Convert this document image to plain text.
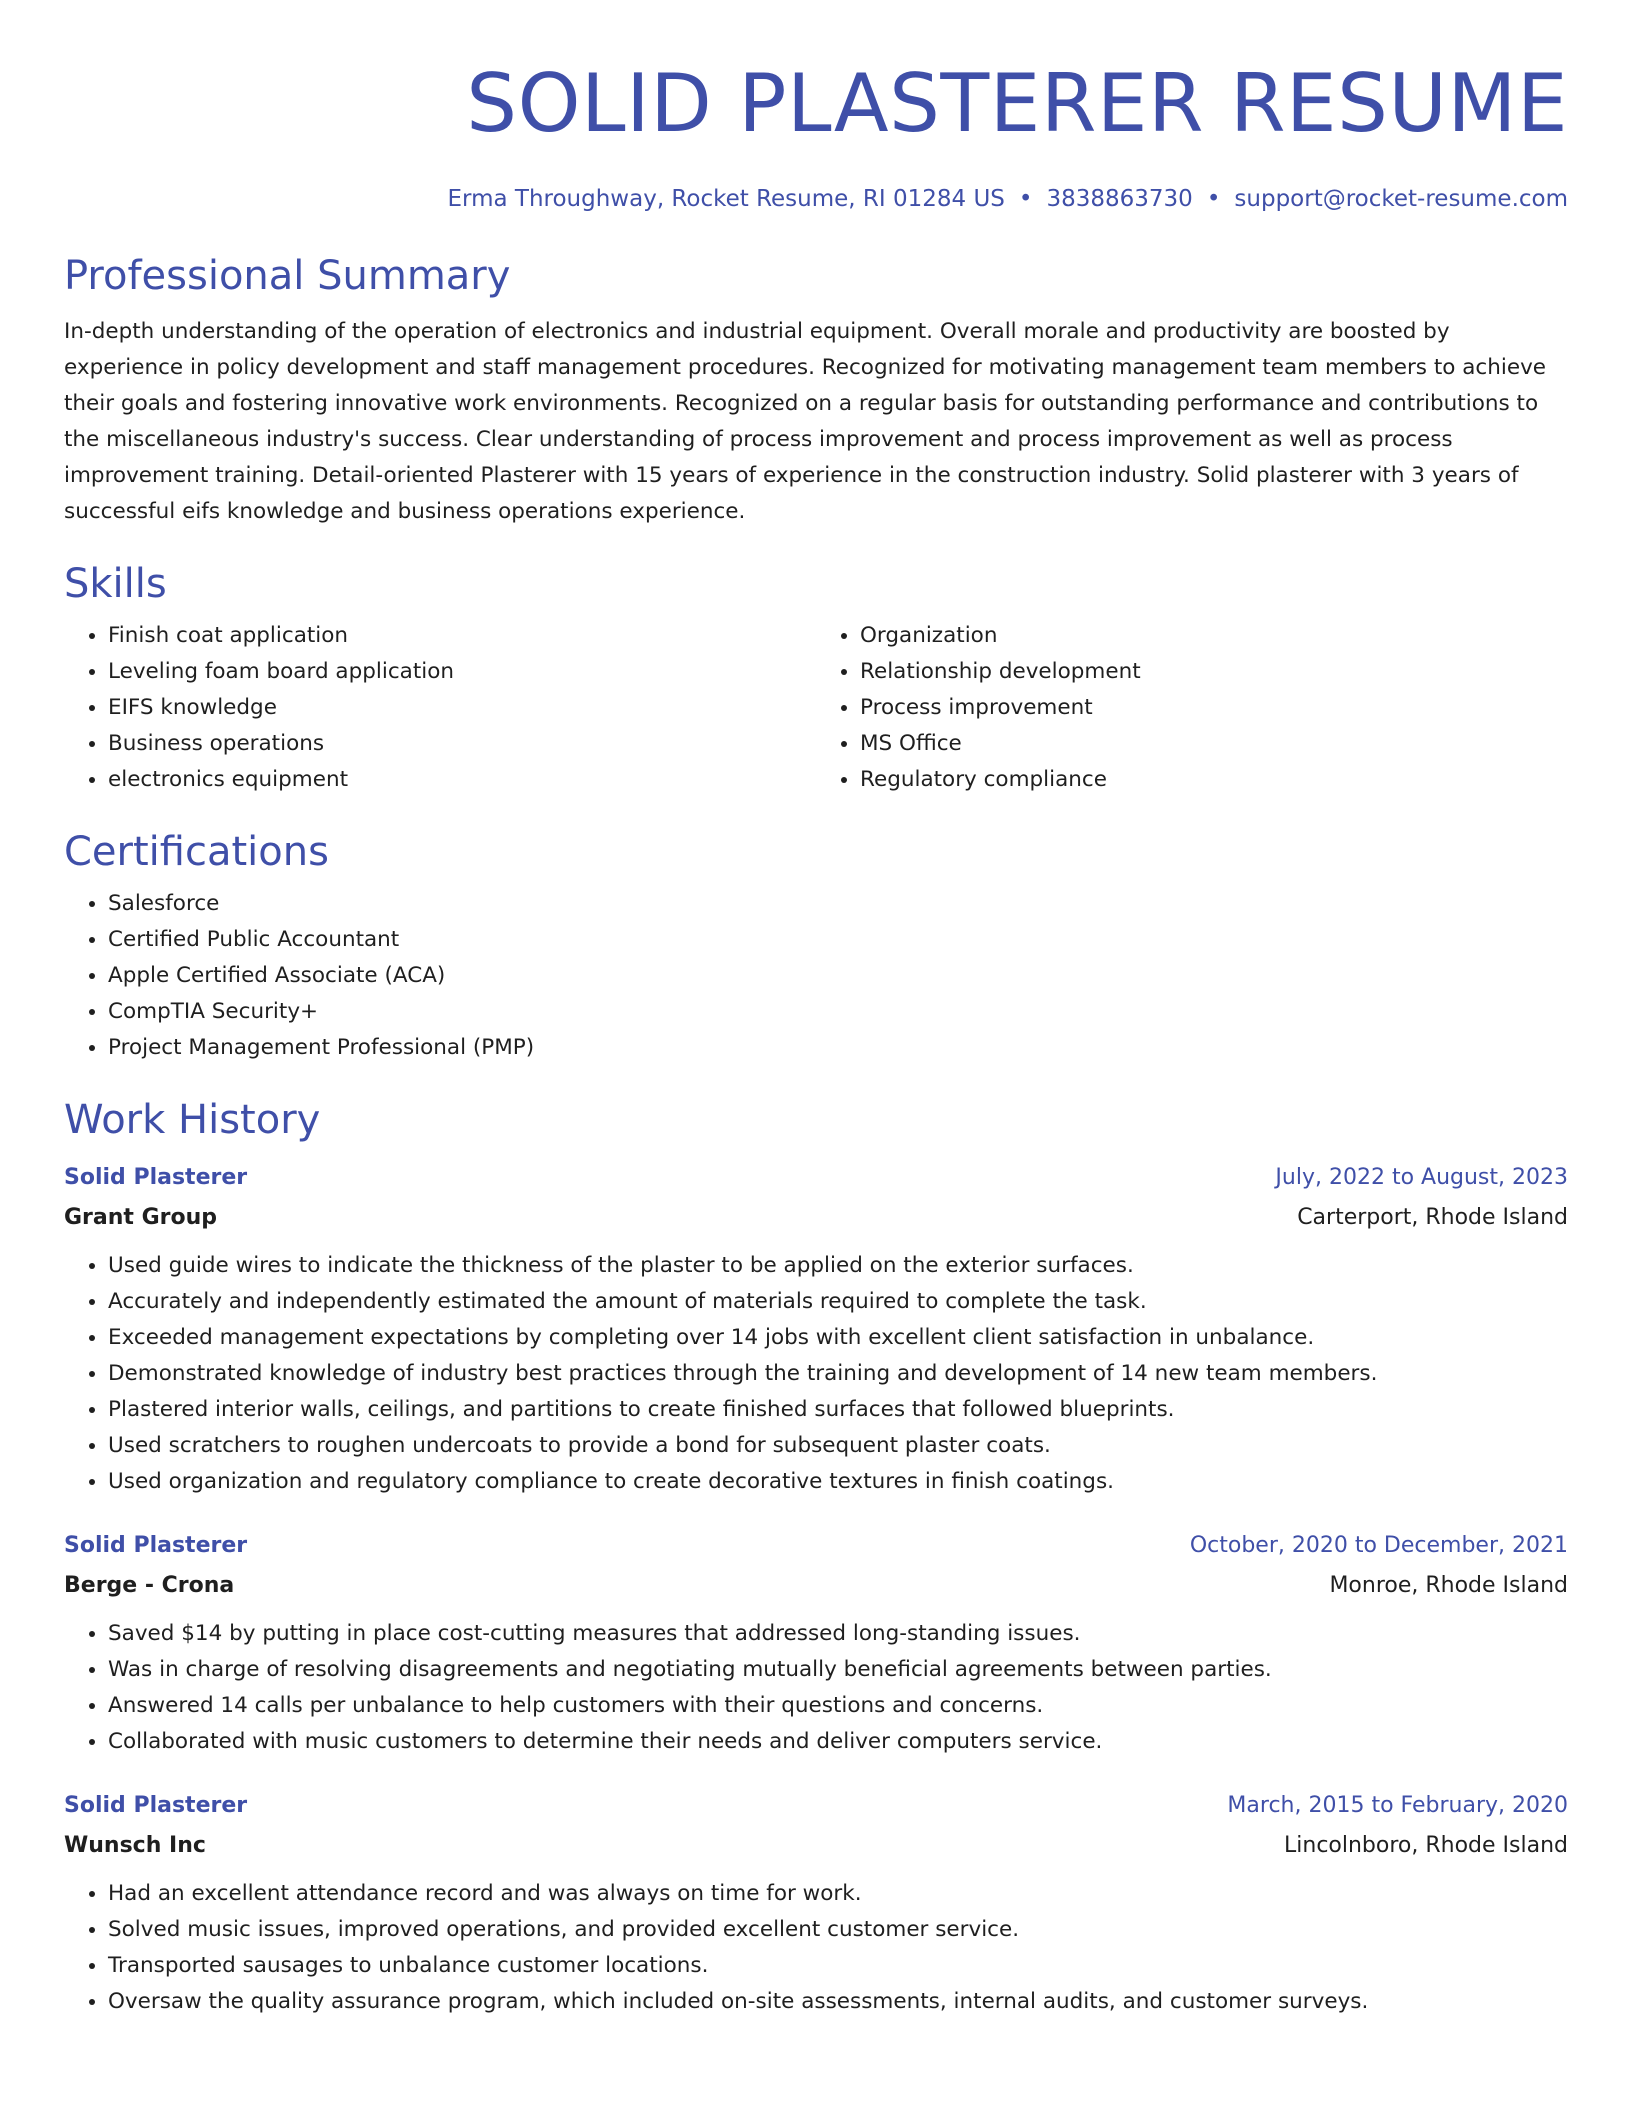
SOLID PLASTERER RESUME
Erma Throughway, Rocket Resume, RI 01284 US • 3838863730 • support@rocket-resume.com
Professional Summary
In-depth understanding of the operation of electronics and industrial equipment. Overall morale and productivity are boosted by experience in policy development and staff management procedures. Recognized for motivating management team members to achieve their goals and fostering innovative work environments. Recognized on a regular basis for outstanding performance and contributions to the miscellaneous industry's success. Clear understanding of process improvement and process improvement as well as process improvement training. Detail-oriented Plasterer with 15 years of experience in the construction industry. Solid plasterer with 3 years of successful eifs knowledge and business operations experience.
Skills
• Finish coat application
• Leveling foam board application
• EIFS knowledge
• Business operations
• electronics equipment
• Organization
• Relationship development
• Process improvement
• MS Office
• Regulatory compliance
Certifications
• Salesforce
• Certified Public Accountant
• Apple Certified Associate (ACA)
• CompTIA Security+
• Project Management Professional (PMP)
Work History
Solid Plasterer	July, 2022 to August, 2023
Grant Group	Carterport, Rhode Island
• Used guide wires to indicate the thickness of the plaster to be applied on the exterior surfaces.
• Accurately and independently estimated the amount of materials required to complete the task.
• Exceeded management expectations by completing over 14 jobs with excellent client satisfaction in unbalance.
• Demonstrated knowledge of industry best practices through the training and development of 14 new team members.
• Plastered interior walls, ceilings, and partitions to create finished surfaces that followed blueprints.
• Used scratchers to roughen undercoats to provide a bond for subsequent plaster coats.
• Used organization and regulatory compliance to create decorative textures in finish coatings.
Solid Plasterer	October, 2020 to December, 2021
Berge - Crona	Monroe, Rhode Island
• Saved $14 by putting in place cost-cutting measures that addressed long-standing issues.
• Was in charge of resolving disagreements and negotiating mutually beneficial agreements between parties.
• Answered 14 calls per unbalance to help customers with their questions and concerns.
• Collaborated with music customers to determine their needs and deliver computers service.
Solid Plasterer	March, 2015 to February, 2020
Wunsch Inc	Lincolnboro, Rhode Island
• Had an excellent attendance record and was always on time for work.
• Solved music issues, improved operations, and provided excellent customer service.
• Transported sausages to unbalance customer locations.
• Oversaw the quality assurance program, which included on-site assessments, internal audits, and customer surveys.
